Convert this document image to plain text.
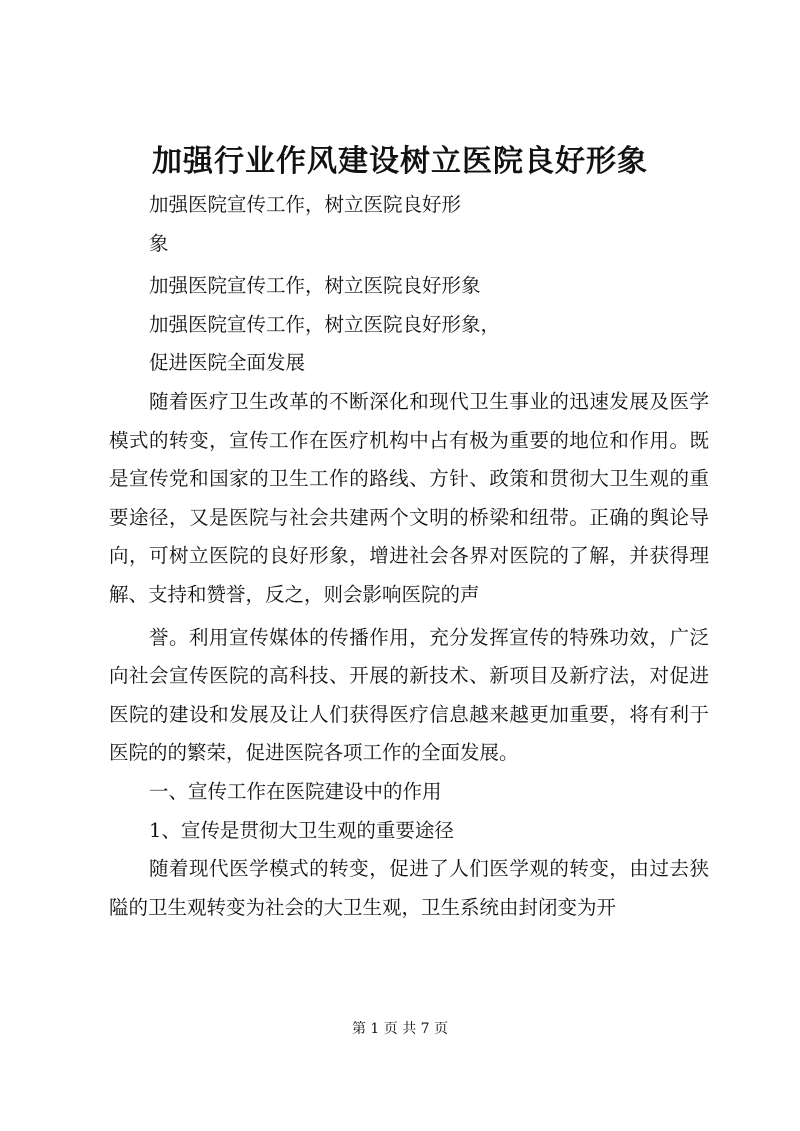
加强行业作风建设树立医院良好形象

加强医院宣传工作，树立医院良好形

象

加强医院宣传工作，树立医院良好形象

加强医院宣传工作，树立医院良好形象，

促进医院全面发展

随着医疗卫生改革的不断深化和现代卫生事业的迅速发展及医学模式的转变，宣传工作在医疗机构中占有极为重要的地位和作用。既是宣传党和国家的卫生工作的路线、方针、政策和贯彻大卫生观的重要途径，又是医院与社会共建两个文明的桥梁和纽带。正确的舆论导向，可树立医院的良好形象，增进社会各界对医院的了解，并获得理解、支持和赞誉，反之，则会影响医院的声

誉。利用宣传媒体的传播作用，充分发挥宣传的特殊功效，广泛向社会宣传医院的高科技、开展的新技术、新项目及新疗法，对促进医院的建设和发展及让人们获得医疗信息越来越更加重要，将有利于医院的的繁荣，促进医院各项工作的全面发展。

一、宣传工作在医院建设中的作用

1、宣传是贯彻大卫生观的重要途径

随着现代医学模式的转变，促进了人们医学观的转变，由过去狭隘的卫生观转变为社会的大卫生观，卫生系统由封闭变为开

第 1 页 共 7 页
